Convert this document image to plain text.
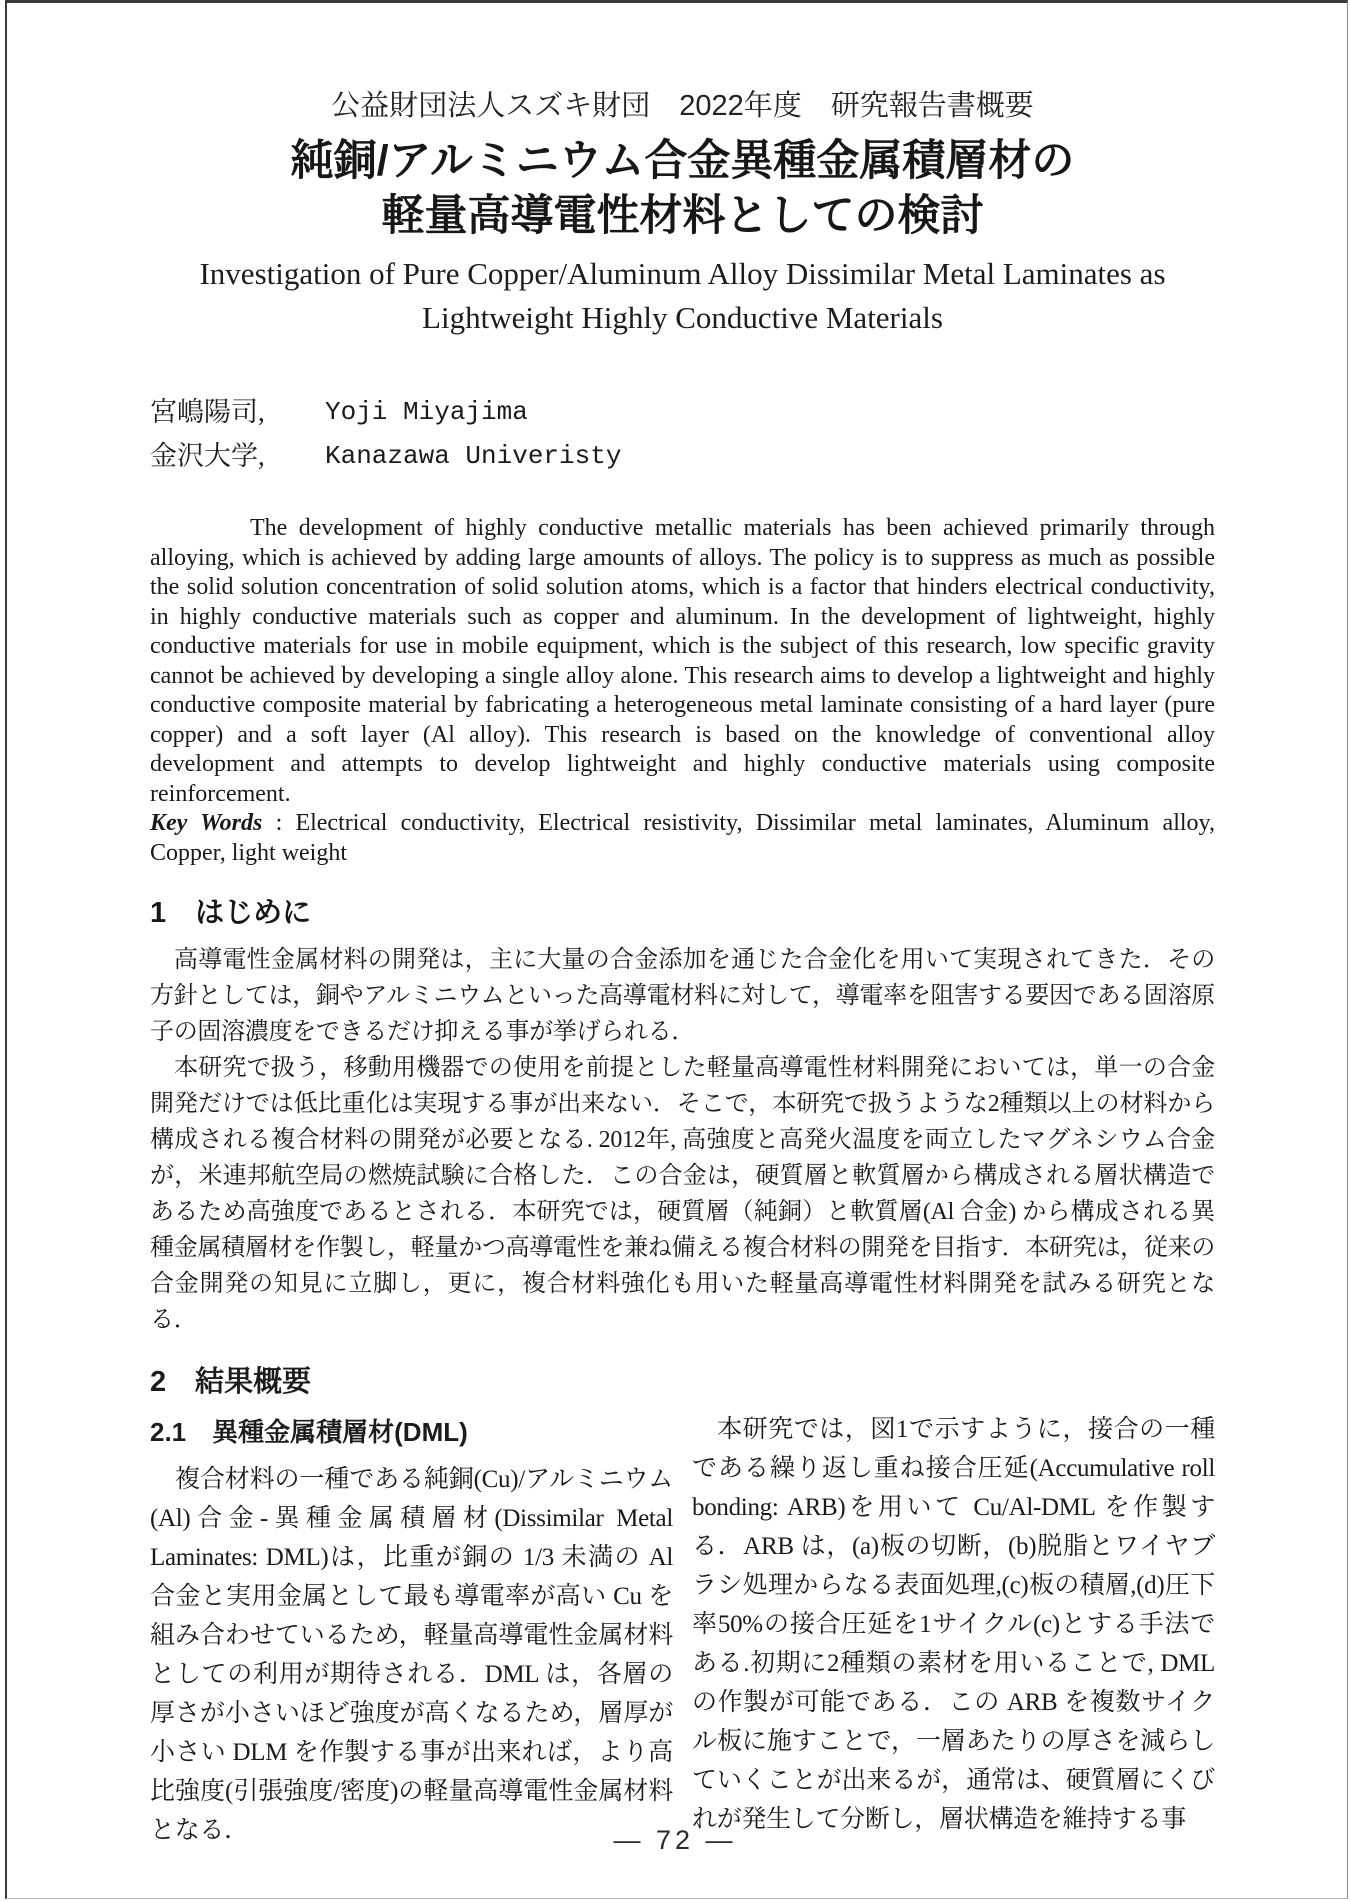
公益財団法人スズキ財団　2022年度　研究報告書概要
純銅/アルミニウム合金異種金属積層材の
軽量高導電性材料としての検討
Investigation of Pure Copper/Aluminum Alloy Dissimilar Metal Laminates as
Lightweight Highly Conductive Materials
宮嶋陽司,	Yoji Miyajima
金沢大学,	Kanazawa Univeristy

The development of highly conductive metallic materials has been achieved primarily through alloying, which is achieved by adding large amounts of alloys. The policy is to suppress as much as possible the solid solution concentration of solid solution atoms, which is a factor that hinders electrical conductivity, in highly conductive materials such as copper and aluminum. In the development of lightweight, highly conductive materials for use in mobile equipment, which is the subject of this research, low specific gravity cannot be achieved by developing a single alloy alone. This research aims to develop a lightweight and highly conductive composite material by fabricating a heterogeneous metal laminate consisting of a hard layer (pure copper) and a soft layer (Al alloy). This research is based on the knowledge of conventional alloy development and attempts to develop lightweight and highly conductive materials using composite reinforcement.

Key Words : Electrical conductivity, Electrical resistivity, Dissimilar metal laminates, Aluminum alloy, Copper, light weight

1　はじめに

高導電性金属材料の開発は，主に大量の合金添加を通じた合金化を用いて実現されてきた．その方針としては，銅やアルミニウムといった高導電材料に対して，導電率を阻害する要因である固溶原子の固溶濃度をできるだけ抑える事が挙げられる．

本研究で扱う，移動用機器での使用を前提とした軽量高導電性材料開発においては，単一の合金開発だけでは低比重化は実現する事が出来ない．そこで，本研究で扱うような2種類以上の材料から構成される複合材料の開発が必要となる. 2012年, 高強度と高発火温度を両立したマグネシウム合金が，米連邦航空局の燃焼試験に合格した．この合金は，硬質層と軟質層から構成される層状構造であるため高強度であるとされる．本研究では，硬質層（純銅）と軟質層(Al 合金) から構成される異種金属積層材を作製し，軽量かつ高導電性を兼ね備える複合材料の開発を目指す．本研究は，従来の合金開発の知見に立脚し，更に，複合材料強化も用いた軽量高導電性材料開発を試みる研究となる．

2　結果概要
2.1　異種金属積層材(DML)

複合材料の一種である純銅(Cu)/アルミニウム(Al)合金-異種金属積層材(Dissimilar Metal Laminates: DML)は，比重が銅の 1/3 未満の Al 合金と実用金属として最も導電率が高い Cu を組み合わせているため，軽量高導電性金属材料としての利用が期待される．DML は，各層の厚さが小さいほど強度が高くなるため，層厚が小さい DLM を作製する事が出来れば，より高比強度(引張強度/密度)の軽量高導電性金属材料となる．

本研究では，図1で示すように，接合の一種である繰り返し重ね接合圧延(Accumulative roll bonding: ARB)を用いて Cu/Al-DML を作製する．ARB は，(a)板の切断，(b)脱脂とワイヤブラシ処理からなる表面処理,(c)板の積層,(d)圧下率50%の接合圧延を1サイクル(c)とする手法である.初期に2種類の素材を用いることで, DML の作製が可能である．この ARB を複数サイクル板に施すことで，一層あたりの厚さを減らしていくことが出来るが，通常は、硬質層にくびれが発生して分断し，層状構造を維持する事

— 72 —
